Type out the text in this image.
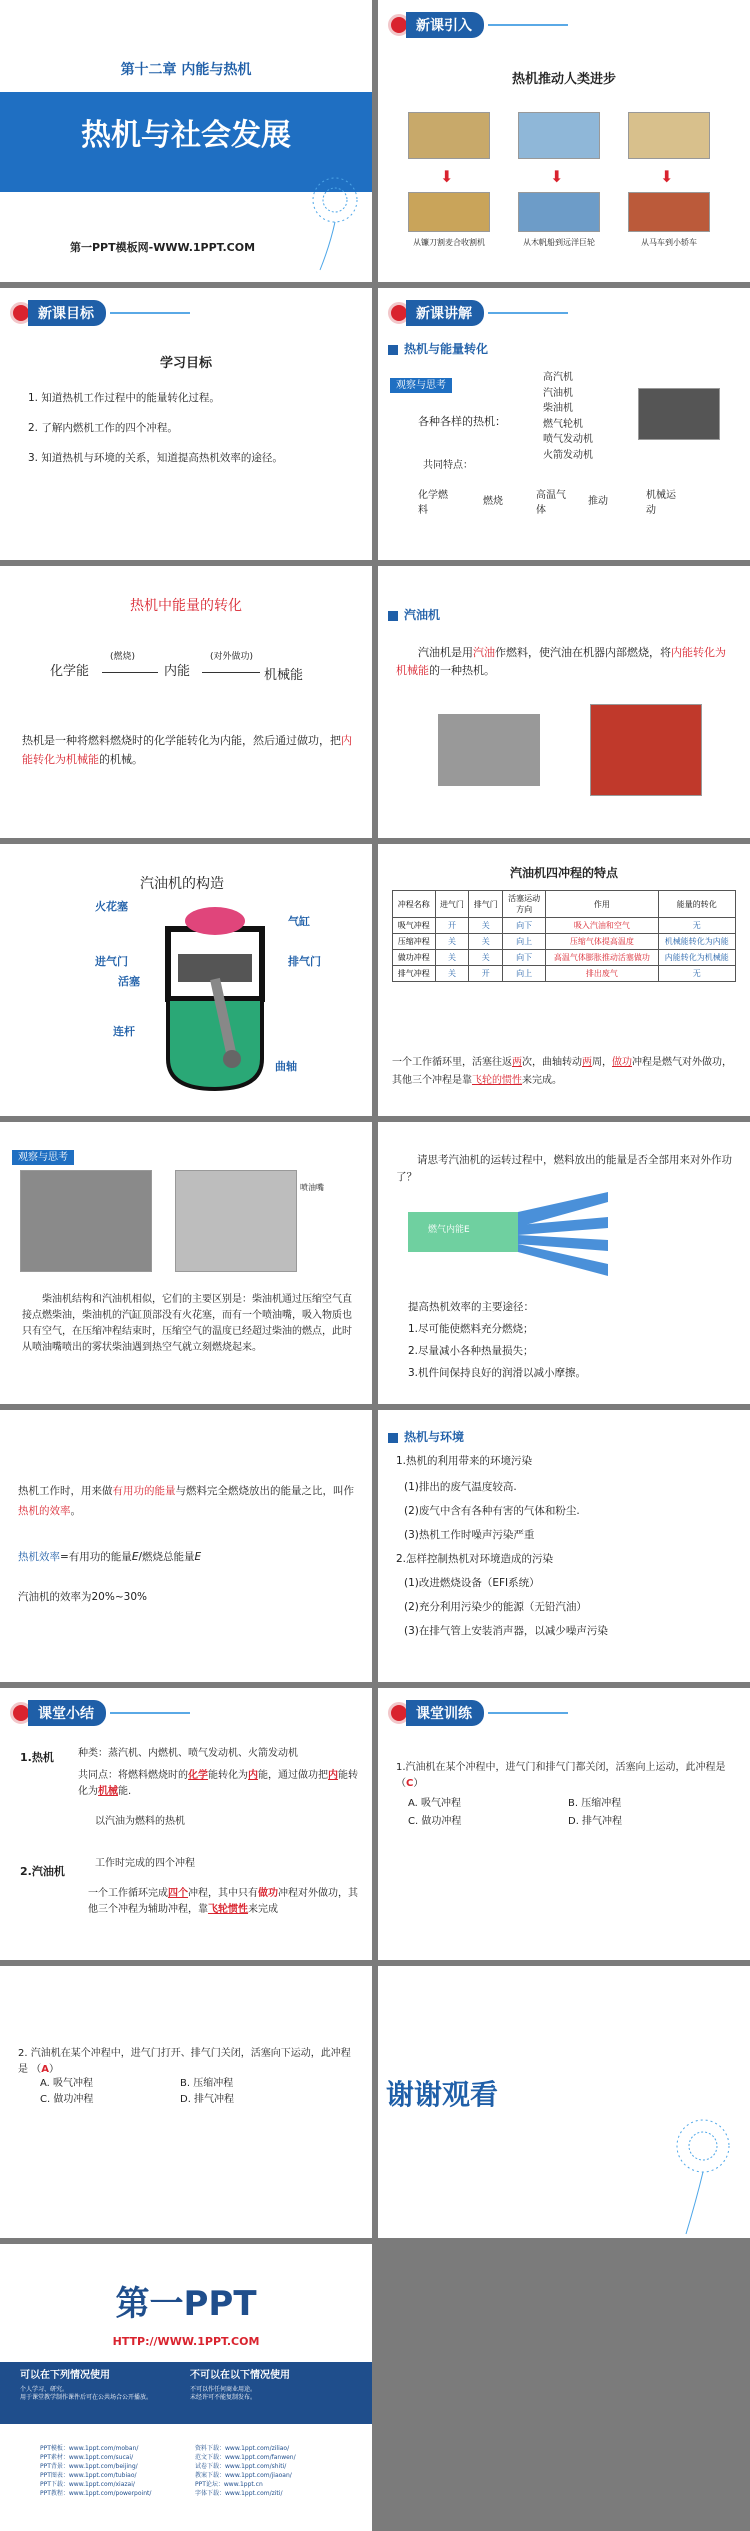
第十二章 内能与热机
热机与社会发展
第一PPT模板网-WWW.1PPT.COM
新课引入
热机推动人类进步
⬇	⬇	⬇
从镰刀割麦合收割机	从木帆船到远洋巨轮	从马车到小轿车
新课目标
学习目标
1. 知道热机工作过程中的能量转化过程。
2. 了解内燃机工作的四个冲程。
3. 知道热机与环境的关系，知道提高热机效率的途径。
新课讲解
热机与能量转化
观察与思考
高汽机
汽油机
柴油机
燃气轮机
喷气发动机
火箭发动机
各种各样的热机：
共同特点：
化学燃料
燃烧
高温气体
推动
机械运动
热机中能量的转化
化学能	内能	机械能
(燃烧)	(对外做功)
热机是一种将燃料燃烧时的化学能转化为内能，然后通过做功，把内能转化为机械能的机械。
汽油机
汽油机是用汽油作燃料，使汽油在机器内部燃烧，将内能转化为机械能的一种热机。
汽油机的构造
火花塞
气缸
进气门	排气门
活塞
连杆
曲轴
汽油机四冲程的特点
冲程名称	进气门	排气门	活塞运动方向	作用	能量的转化
吸气冲程	开	关	向下	吸入汽油和空气	无
压缩冲程	关	关	向上	压缩气体提高温度	机械能转化为内能
做功冲程	关	关	向下	高温气体膨胀推动活塞做功	内能转化为机械能
排气冲程	关	开	向上	排出废气	无
一个工作循环里，活塞往返两次，曲轴转动两周，做功冲程是燃气对外做功，其他三个冲程是靠飞轮的惯性来完成。
观察与思考
喷油嘴
柴油机结构和汽油机相似，它们的主要区别是：柴油机通过压缩空气直接点燃柴油，柴油机的汽缸顶部没有火花塞，而有一个喷油嘴，吸入物质也只有空气，在压缩冲程结束时，压缩空气的温度已经超过柴油的燃点，此时从喷油嘴喷出的雾状柴油遇到热空气就立刻燃烧起来。
请思考汽油机的运转过程中，燃料放出的能量是否全部用来对外作功了？
燃气内能E
有用机械能
散热损失
废气带走
摩擦损耗
提高热机效率的主要途径：
1.尽可能使燃料充分燃烧；
2.尽量减小各种热量损失；
3.机件间保持良好的润滑以减小摩擦。
热机工作时，用来做有用功的能量与燃料完全燃烧放出的能量之比，叫作热机的效率。
热机效率=有用功的能量E/燃烧总能量E
汽油机的效率为20%~30%
热机与环境
1.热机的利用带来的环境污染
(1)排出的废气温度较高.
(2)废气中含有各种有害的气体和粉尘.
(3)热机工作时噪声污染严重
2.怎样控制热机对环境造成的污染
(1)改进燃烧设备（EFI系统）
(2)充分利用污染少的能源（无铅汽油）
(3)在排气管上安装消声器，以减少噪声污染
课堂小结
1.热机 种类：蒸汽机、内燃机、喷气发动机、火箭发动机
共同点：将燃料燃烧时的化学能转化为内能，通过做功把内能转化为机械能.
以汽油为燃料的热机
2.汽油机
工作时完成的四个冲程
一个工作循环完成四个冲程，其中只有做功冲程对外做功，其他三个冲程为辅助冲程，靠飞轮惯性来完成
课堂训练
1.汽油机在某个冲程中，进气门和排气门都关闭，活塞向上运动，此冲程是 （C）
A. 吸气冲程	B. 压缩冲程
C. 做功冲程	D. 排气冲程
2. 汽油机在某个冲程中，进气门打开、排气门关闭，活塞向下运动，此冲程是 （A）
A. 吸气冲程	B. 压缩冲程
C. 做功冲程	D. 排气冲程	谢谢观看
第一PPT
HTTP://WWW.1PPT.COM
可以在下列情况使用	不可以在以下情况使用
个人学习、研究。
用于课堂教学制作课件后可在公共场合公开播放。
不可以作任何商业用途。
未经许可不能复制发布。
PPT模板：www.1ppt.com/moban/
PPT素材：www.1ppt.com/sucai/
PPT背景：www.1ppt.com/beijing/
PPT图表：www.1ppt.com/tubiao/
PPT下载：www.1ppt.com/xiazai/
PPT教程：www.1ppt.com/powerpoint/
资料下载：www.1ppt.com/ziliao/
范文下载：www.1ppt.com/fanwen/
试卷下载：www.1ppt.com/shiti/
教案下载：www.1ppt.com/jiaoan/
PPT论坛：www.1ppt.cn
字体下载：www.1ppt.com/ziti/
